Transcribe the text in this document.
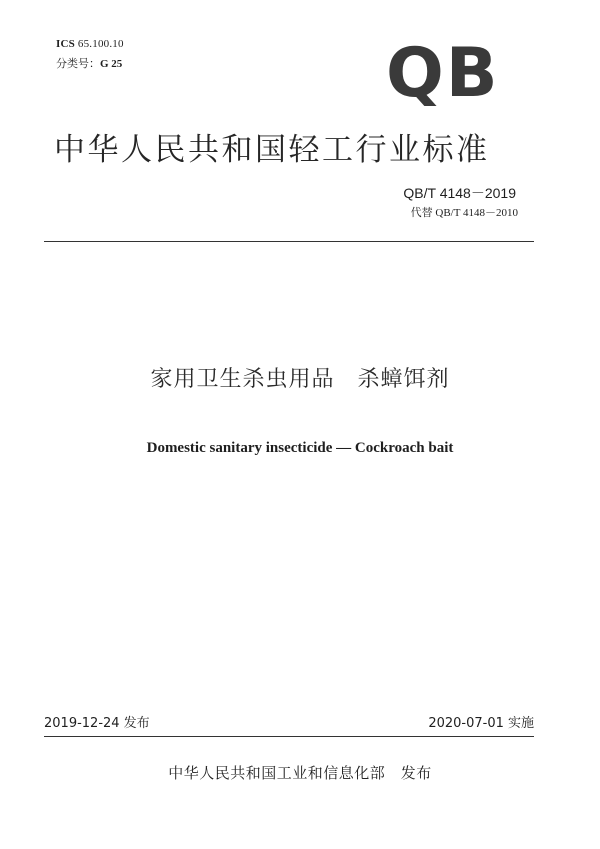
ICS 65.100.10
分类号：G 25	QB
中华人民共和国轻工行业标准
QB/T 4148－2019
代替 QB/T 4148－2010
家用卫生杀虫用品　杀蟑饵剂
Domestic sanitary insecticide — Cockroach bait
2019-12-24 发布	2020-07-01 实施
中华人民共和国工业和信息化部　发布
